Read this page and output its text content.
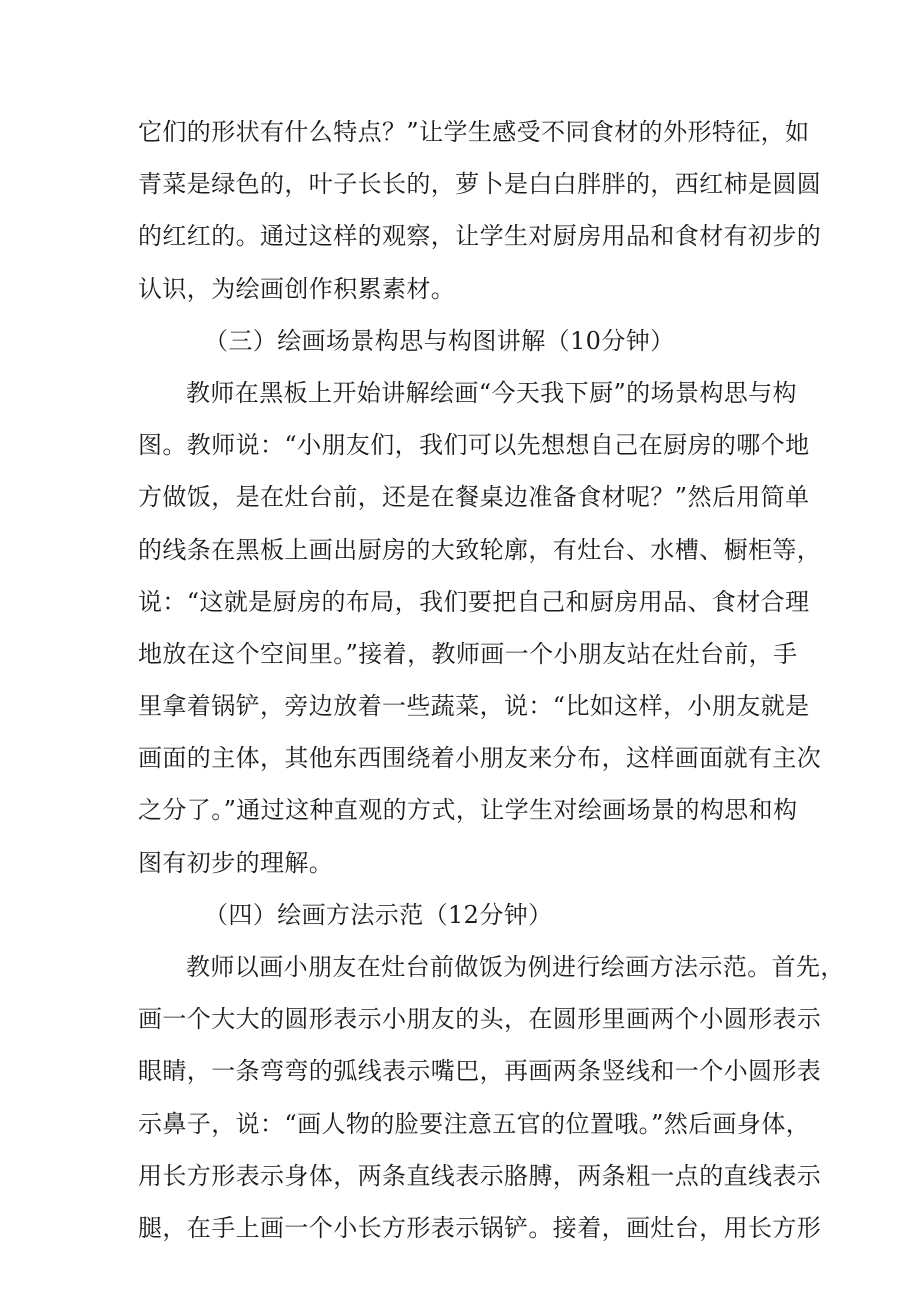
它们的形状有什么特点？”让学生感受不同食材的外形特征，如
青菜是绿色的，叶子长长的，萝卜是白白胖胖的，西红柿是圆圆
的红红的。通过这样的观察，让学生对厨房用品和食材有初步的
认识，为绘画创作积累素材。
（三）绘画场景构思与构图讲解（10分钟）
教师在黑板上开始讲解绘画“今天我下厨”的场景构思与构
图。教师说：“小朋友们，我们可以先想想自己在厨房的哪个地
方做饭，是在灶台前，还是在餐桌边准备食材呢？”然后用简单
的线条在黑板上画出厨房的大致轮廓，有灶台、水槽、橱柜等，
说：“这就是厨房的布局，我们要把自己和厨房用品、食材合理
地放在这个空间里。”接着，教师画一个小朋友站在灶台前，手
里拿着锅铲，旁边放着一些蔬菜，说：“比如这样，小朋友就是
画面的主体，其他东西围绕着小朋友来分布，这样画面就有主次
之分了。”通过这种直观的方式，让学生对绘画场景的构思和构
图有初步的理解。
（四）绘画方法示范（12分钟）
教师以画小朋友在灶台前做饭为例进行绘画方法示范。首先，
画一个大大的圆形表示小朋友的头，在圆形里画两个小圆形表示
眼睛，一条弯弯的弧线表示嘴巴，再画两条竖线和一个小圆形表
示鼻子，说：“画人物的脸要注意五官的位置哦。”然后画身体，
用长方形表示身体，两条直线表示胳膊，两条粗一点的直线表示
腿，在手上画一个小长方形表示锅铲。接着，画灶台，用长方形
